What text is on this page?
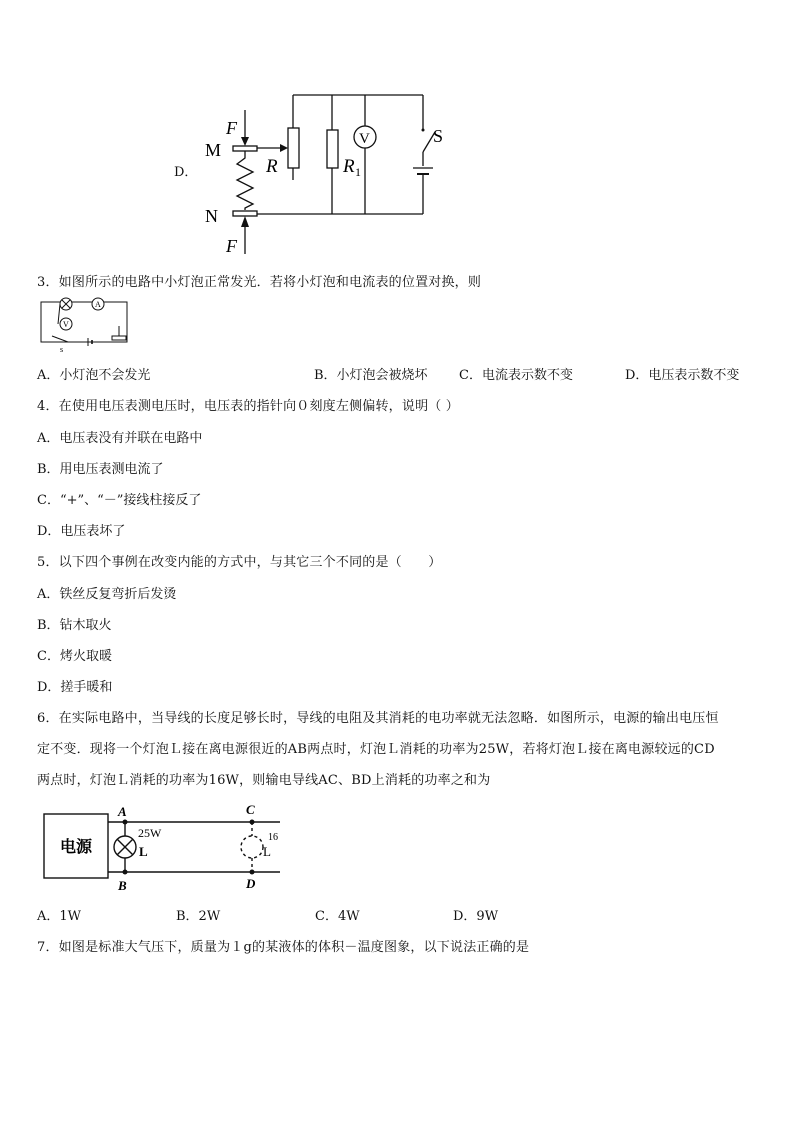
D．
F
M
R	R 1
V	S
N
F
3．如图所示的电路中小灯泡正常发光．若将小灯泡和电流表的位置对换，则
A
V
s
A．小灯泡不会发光	B．小灯泡会被烧坏 C．电流表示数不变	D．电压表示数不变
4．在使用电压表测电压时，电压表的指针向０刻度左侧偏转，说明（ ）
A．电压表没有并联在电路中
B．用电压表测电流了
C．“+”、“－”接线柱接反了
D．电压表坏了
5．以下四个事例在改变内能的方式中，与其它三个不同的是（　　）
A．铁丝反复弯折后发烫
B．钻木取火
C．烤火取暖
D．搓手暖和
6．在实际电路中，当导线的长度足够长时，导线的电阻及其消耗的电功率就无法忽略．如图所示，电源的输出电压恒
定不变．现将一个灯泡Ｌ接在离电源很近的AB两点时，灯泡Ｌ消耗的功率为25W，若将灯泡Ｌ接在离电源较远的CD
两点时，灯泡Ｌ消耗的功率为16W，则输电导线AC、BD上消耗的功率之和为
电源
A
B
C
D
L	L
25W	16
A．1W	B．2W	C．4W	D．9W
7．如图是标准大气压下，质量为１g的某液体的体积－温度图象，以下说法正确的是
